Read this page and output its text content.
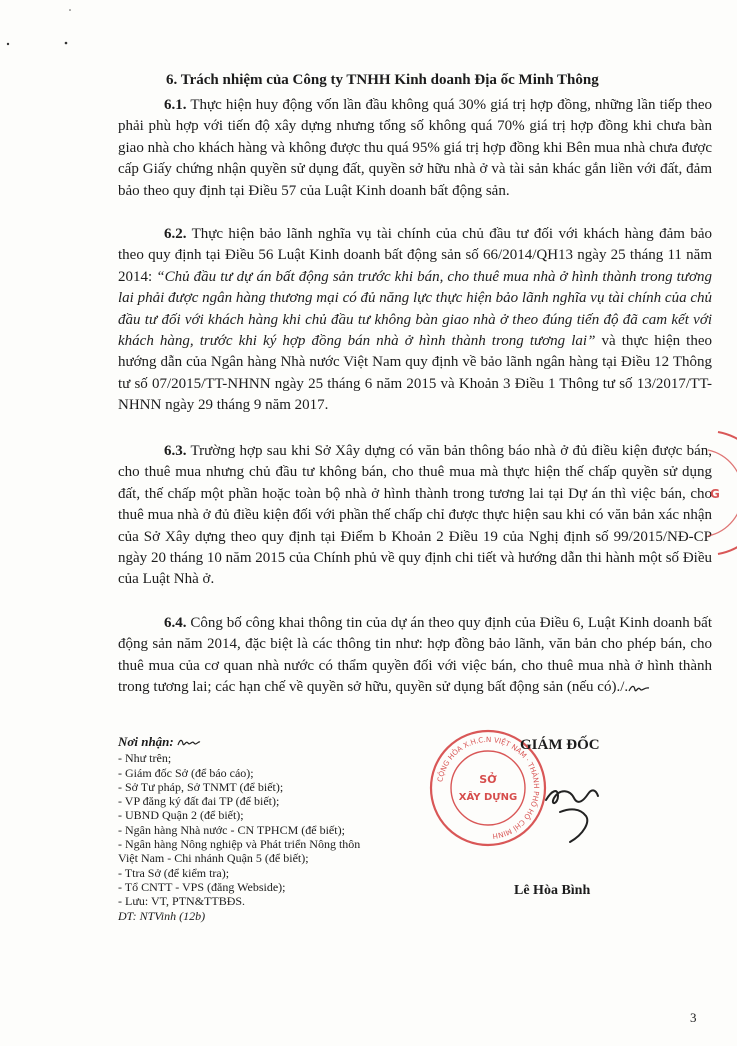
6. Trách nhiệm của Công ty TNHH Kinh doanh Địa ốc Minh Thông
6.1. Thực hiện huy động vốn lần đầu không quá 30% giá trị hợp đồng, những lần tiếp theo phải phù hợp với tiến độ xây dựng nhưng tổng số không quá 70% giá trị hợp đồng khi chưa bàn giao nhà cho khách hàng và không được thu quá 95% giá trị hợp đồng khi Bên mua nhà chưa được cấp Giấy chứng nhận quyền sử dụng đất, quyền sở hữu nhà ở và tài sản khác gắn liền với đất, đảm bảo theo quy định tại Điều 57 của Luật Kinh doanh bất động sản.
6.2. Thực hiện bảo lãnh nghĩa vụ tài chính của chủ đầu tư đối với khách hàng đảm bảo theo quy định tại Điều 56 Luật Kinh doanh bất động sản số 66/2014/QH13 ngày 25 tháng 11 năm 2014: “Chủ đầu tư dự án bất động sản trước khi bán, cho thuê mua nhà ở hình thành trong tương lai phải được ngân hàng thương mại có đủ năng lực thực hiện bảo lãnh nghĩa vụ tài chính của chủ đầu tư đối với khách hàng khi chủ đầu tư không bàn giao nhà ở theo đúng tiến độ đã cam kết với khách hàng, trước khi ký hợp đồng bán nhà ở hình thành trong tương lai” và thực hiện theo hướng dẫn của Ngân hàng Nhà nước Việt Nam quy định về bảo lãnh ngân hàng tại Điều 12 Thông tư số 07/2015/TT-NHNN ngày 25 tháng 6 năm 2015 và Khoản 3 Điều 1 Thông tư số 13/2017/TT-NHNN ngày 29 tháng 9 năm 2017.
6.3. Trường hợp sau khi Sở Xây dựng có văn bản thông báo nhà ở đủ điều kiện được bán, cho thuê mua nhưng chủ đầu tư không bán, cho thuê mua mà thực hiện thế chấp quyền sử dụng đất, thế chấp một phần hoặc toàn bộ nhà ở hình thành trong tương lai tại Dự án thì việc bán, cho thuê mua nhà ở đủ điều kiện đối với phần thế chấp chỉ được thực hiện sau khi có văn bản xác nhận của Sở Xây dựng theo quy định tại Điểm b Khoản 2 Điều 19 của Nghị định số 99/2015/NĐ-CP ngày 20 tháng 10 năm 2015 của Chính phủ về quy định chi tiết và hướng dẫn thi hành một số Điều của Luật Nhà ở.
6.4. Công bố công khai thông tin của dự án theo quy định của Điều 6, Luật Kinh doanh bất động sản năm 2014, đặc biệt là các thông tin như: hợp đồng bảo lãnh, văn bản cho phép bán, cho thuê mua của cơ quan nhà nước có thẩm quyền đối với việc bán, cho thuê mua nhà ở hình thành trong tương lai; các hạn chế về quyền sở hữu, quyền sử dụng bất động sản (nếu có)./.
Nơi nhận:
- Như trên;
- Giám đốc Sở (để báo cáo);
- Sở Tư pháp, Sở TNMT (để biết);
- VP đăng ký đất đai TP (để biết);
- UBND Quận 2 (để biết);
- Ngân hàng Nhà nước - CN TPHCM (để biết);
- Ngân hàng Nông nghiệp và Phát triển Nông thôn
Việt Nam - Chi nhánh Quận 5 (để biết);
- Ttra Sở (để kiểm tra);
- Tổ CNTT - VPS (đăng Webside);
- Lưu: VT, PTN&TTBĐS.
DT: NTVinh (12b)
CỘNG HÒA X.H.C.N VIỆT NAM · THÀNH PHỐ HỒ CHÍ MINH
SỞ
XÂY DỰNG
GIÁM ĐỐC
Lê Hòa Bình
G
3
